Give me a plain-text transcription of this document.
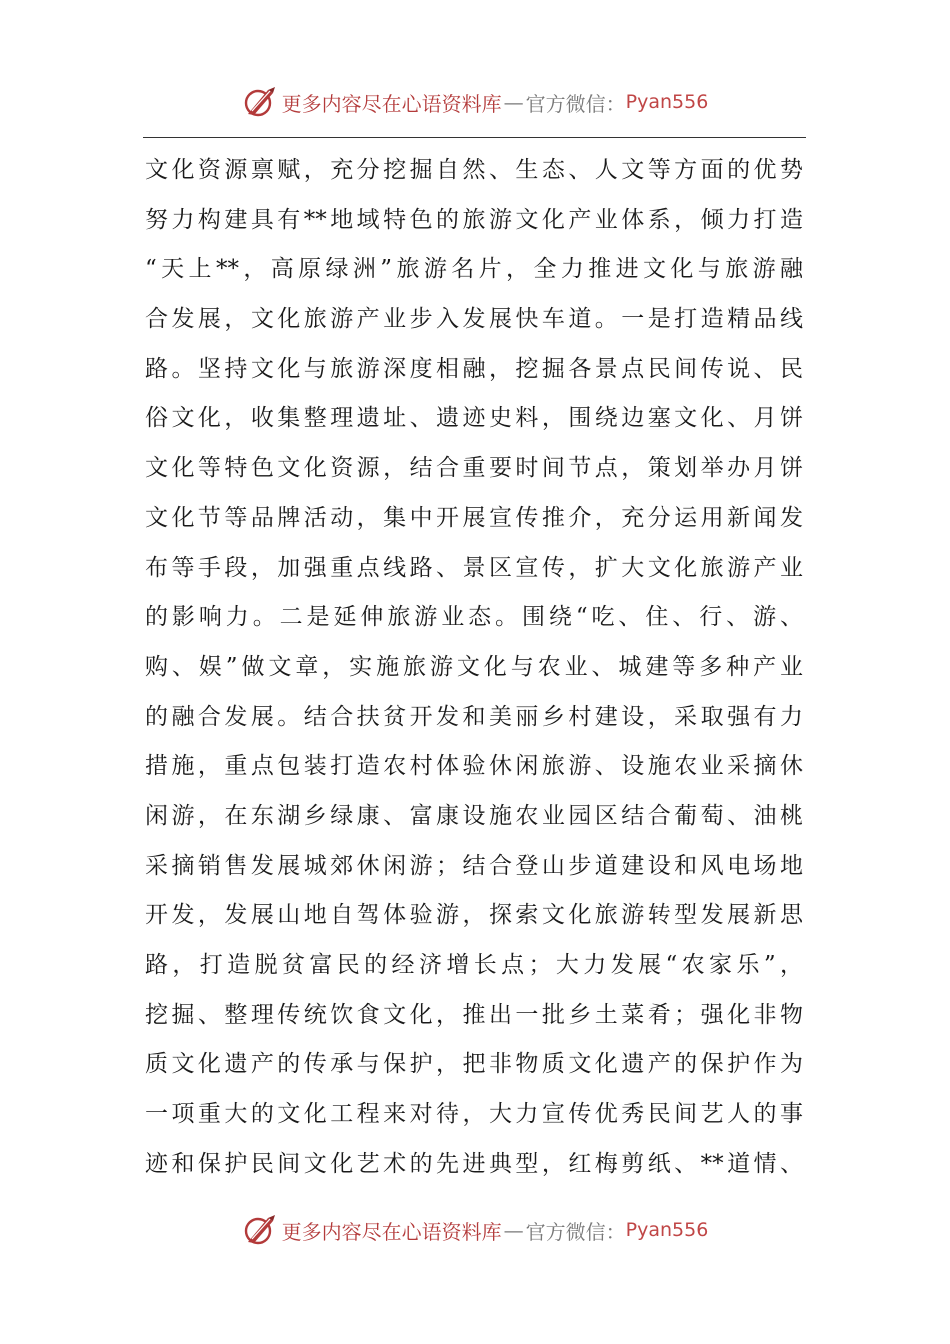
更多内容尽在心语资料库 — 官方微信： Pyan556
文化资源禀赋，充分挖掘自然、生态、人文等方面的优势
努力构建具有**地域特色的旅游文化产业体系，倾力打造
“天上**，高原绿洲”旅游名片，全力推进文化与旅游融
合发展，文化旅游产业步入发展快车道。一是打造精品线
路。坚持文化与旅游深度相融，挖掘各景点民间传说、民
俗文化，收集整理遗址、遗迹史料，围绕边塞文化、月饼
文化等特色文化资源，结合重要时间节点，策划举办月饼
文化节等品牌活动，集中开展宣传推介，充分运用新闻发
布等手段，加强重点线路、景区宣传，扩大文化旅游产业
的影响力。二是延伸旅游业态。围绕“吃、住、行、游、
购、娱”做文章，实施旅游文化与农业、城建等多种产业
的融合发展。结合扶贫开发和美丽乡村建设，采取强有力
措施，重点包装打造农村体验休闲旅游、设施农业采摘休
闲游，在东湖乡绿康、富康设施农业园区结合葡萄、油桃
采摘销售发展城郊休闲游；结合登山步道建设和风电场地
开发，发展山地自驾体验游，探索文化旅游转型发展新思
路，打造脱贫富民的经济增长点；大力发展“农家乐”，
挖掘、整理传统饮食文化，推出一批乡土菜肴；强化非物
质文化遗产的传承与保护，把非物质文化遗产的保护作为
一项重大的文化工程来对待，大力宣传优秀民间艺人的事
迹和保护民间文化艺术的先进典型，红梅剪纸、**道情、
更多内容尽在心语资料库 — 官方微信： Pyan556
